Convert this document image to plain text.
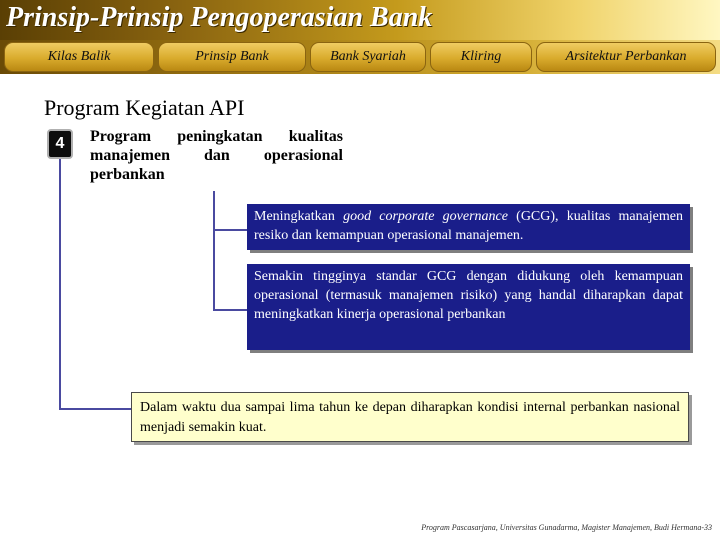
Prinsip-Prinsip Pengoperasian Bank
Kilas Balik	Prinsip Bank	Bank Syariah	Kliring	Arsitektur Perbankan
Program Kegiatan API
4	Program peningkatan kualitas manajemen dan operasional perbankan
Meningkatkan good corporate governance (GCG), kualitas manajemen resiko dan kemampuan operasional manajemen.
Semakin tingginya standar GCG dengan didukung oleh kemampuan operasional (termasuk manajemen risiko) yang handal diharapkan dapat meningkatkan kinerja operasional perbankan
Dalam waktu dua sampai lima tahun ke depan diharapkan kondisi internal perbankan nasional menjadi semakin kuat.
Program Pascasarjana, Universitas Gunadarma, Magister Manajemen, Budi Hermana-33
